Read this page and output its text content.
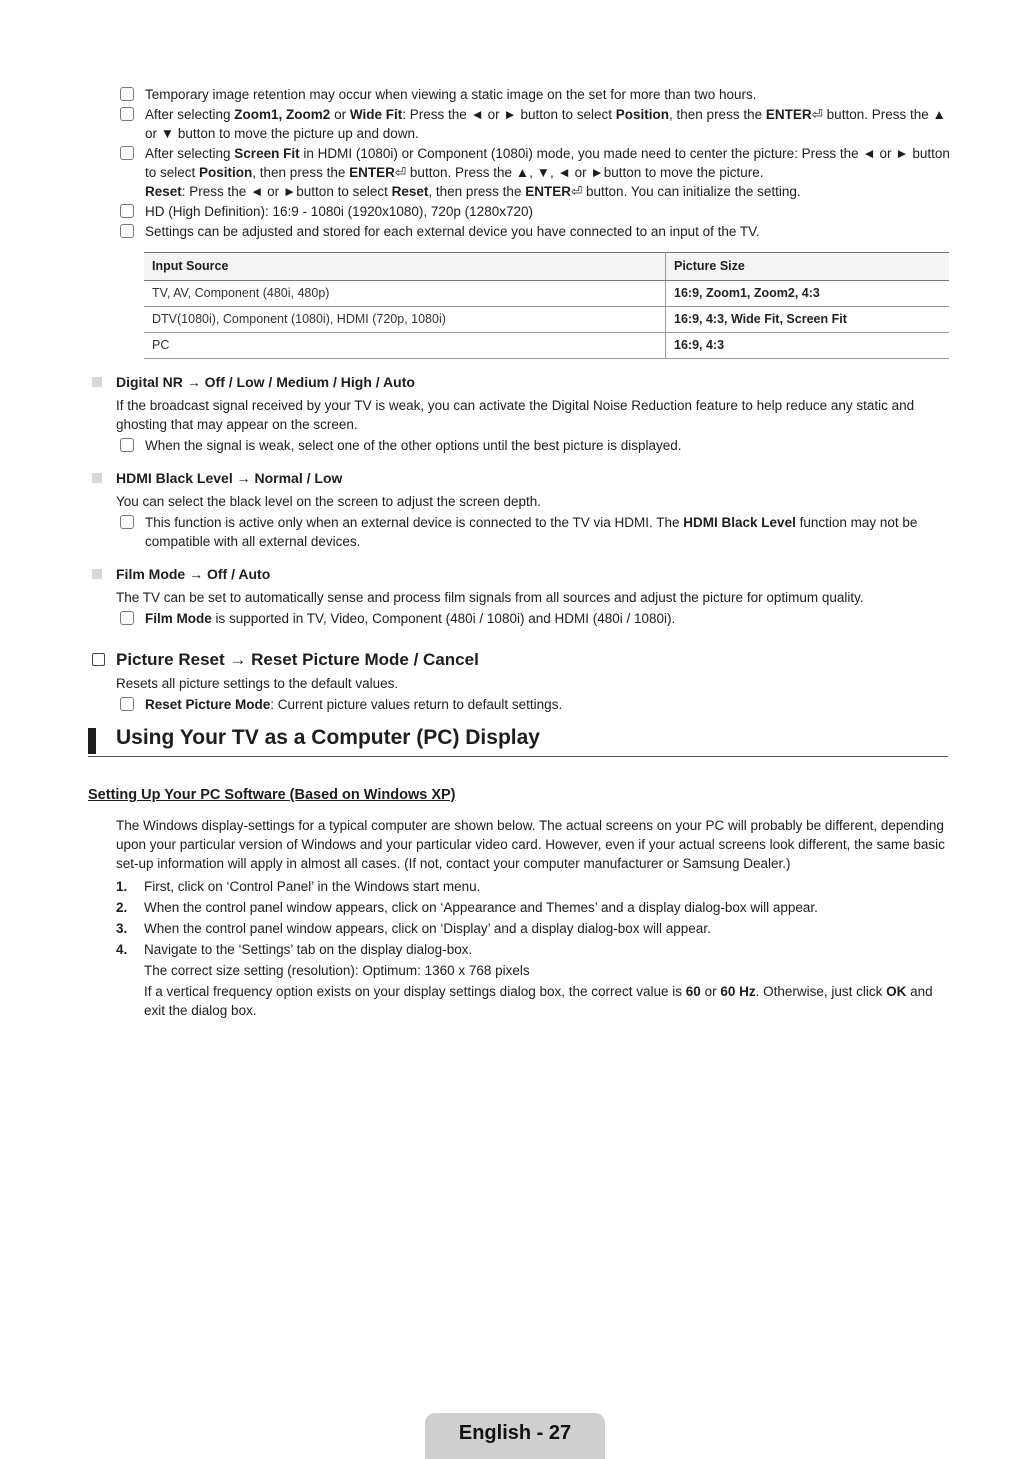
Temporary image retention may occur when viewing a static image on the set for more than two hours.
After selecting Zoom1, Zoom2 or Wide Fit: Press the ◄ or ► button to select Position, then press the ENTER⏎ button. Press the ▲ or ▼ button to move the picture up and down.
After selecting Screen Fit in HDMI (1080i) or Component (1080i) mode, you made need to center the picture: Press the ◄ or ► button to select Position, then press the ENTER⏎ button. Press the ▲, ▼, ◄ or ►button to move the picture.
Reset: Press the ◄ or ►button to select Reset, then press the ENTER⏎ button. You can initialize the setting.
HD (High Definition): 16:9 - 1080i (1920x1080), 720p (1280x720)
Settings can be adjusted and stored for each external device you have connected to an input of the TV.
Input Source	Picture Size
TV, AV, Component (480i, 480p)	16:9, Zoom1, Zoom2, 4:3
DTV(1080i), Component (1080i), HDMI (720p, 1080i)	16:9, 4:3, Wide Fit, Screen Fit
PC	16:9, 4:3
Digital NR → Off / Low / Medium / High / Auto
If the broadcast signal received by your TV is weak, you can activate the Digital Noise Reduction feature to help reduce any static and ghosting that may appear on the screen.
When the signal is weak, select one of the other options until the best picture is displayed.
HDMI Black Level → Normal / Low
You can select the black level on the screen to adjust the screen depth.
This function is active only when an external device is connected to the TV via HDMI. The HDMI Black Level function may not be compatible with all external devices.
Film Mode → Off / Auto
The TV can be set to automatically sense and process film signals from all sources and adjust the picture for optimum quality.
Film Mode is supported in TV, Video, Component (480i / 1080i) and HDMI (480i / 1080i).
Picture Reset → Reset Picture Mode / Cancel
Resets all picture settings to the default values.
Reset Picture Mode: Current picture values return to default settings.
Using Your TV as a Computer (PC) Display
Setting Up Your PC Software (Based on Windows XP)
The Windows display-settings for a typical computer are shown below. The actual screens on your PC will probably be different, depending upon your particular version of Windows and your particular video card. However, even if your actual screens look different, the same basic set-up information will apply in almost all cases. (If not, contact your computer manufacturer or Samsung Dealer.)
1. First, click on ‘Control Panel’ in the Windows start menu.
2. When the control panel window appears, click on ‘Appearance and Themes’ and a display dialog-box will appear.
3. When the control panel window appears, click on ‘Display’ and a display dialog-box will appear.
4. Navigate to the ‘Settings’ tab on the display dialog-box.
The correct size setting (resolution): Optimum: 1360 x 768 pixels
If a vertical frequency option exists on your display settings dialog box, the correct value is 60 or 60 Hz. Otherwise, just click OK and exit the dialog box.
English - 27
